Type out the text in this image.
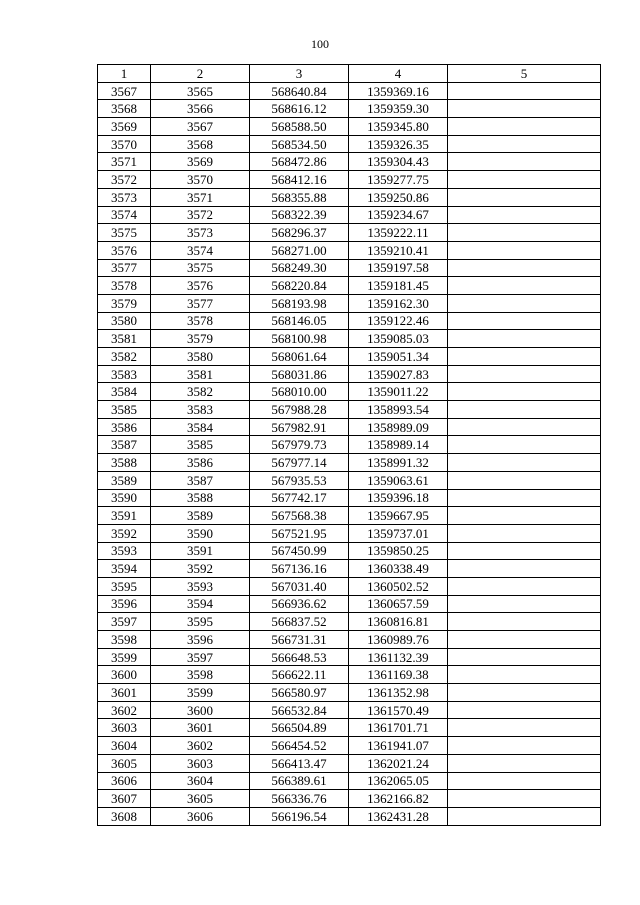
100
1	2	3	4	5
3567	3565	568640.84	1359369.16	
3568	3566	568616.12	1359359.30	
3569	3567	568588.50	1359345.80	
3570	3568	568534.50	1359326.35	
3571	3569	568472.86	1359304.43	
3572	3570	568412.16	1359277.75	
3573	3571	568355.88	1359250.86	
3574	3572	568322.39	1359234.67	
3575	3573	568296.37	1359222.11	
3576	3574	568271.00	1359210.41	
3577	3575	568249.30	1359197.58	
3578	3576	568220.84	1359181.45	
3579	3577	568193.98	1359162.30	
3580	3578	568146.05	1359122.46	
3581	3579	568100.98	1359085.03	
3582	3580	568061.64	1359051.34	
3583	3581	568031.86	1359027.83	
3584	3582	568010.00	1359011.22	
3585	3583	567988.28	1358993.54	
3586	3584	567982.91	1358989.09	
3587	3585	567979.73	1358989.14	
3588	3586	567977.14	1358991.32	
3589	3587	567935.53	1359063.61	
3590	3588	567742.17	1359396.18	
3591	3589	567568.38	1359667.95	
3592	3590	567521.95	1359737.01	
3593	3591	567450.99	1359850.25	
3594	3592	567136.16	1360338.49	
3595	3593	567031.40	1360502.52	
3596	3594	566936.62	1360657.59	
3597	3595	566837.52	1360816.81	
3598	3596	566731.31	1360989.76	
3599	3597	566648.53	1361132.39	
3600	3598	566622.11	1361169.38	
3601	3599	566580.97	1361352.98	
3602	3600	566532.84	1361570.49	
3603	3601	566504.89	1361701.71	
3604	3602	566454.52	1361941.07	
3605	3603	566413.47	1362021.24	
3606	3604	566389.61	1362065.05	
3607	3605	566336.76	1362166.82	
3608	3606	566196.54	1362431.28	
